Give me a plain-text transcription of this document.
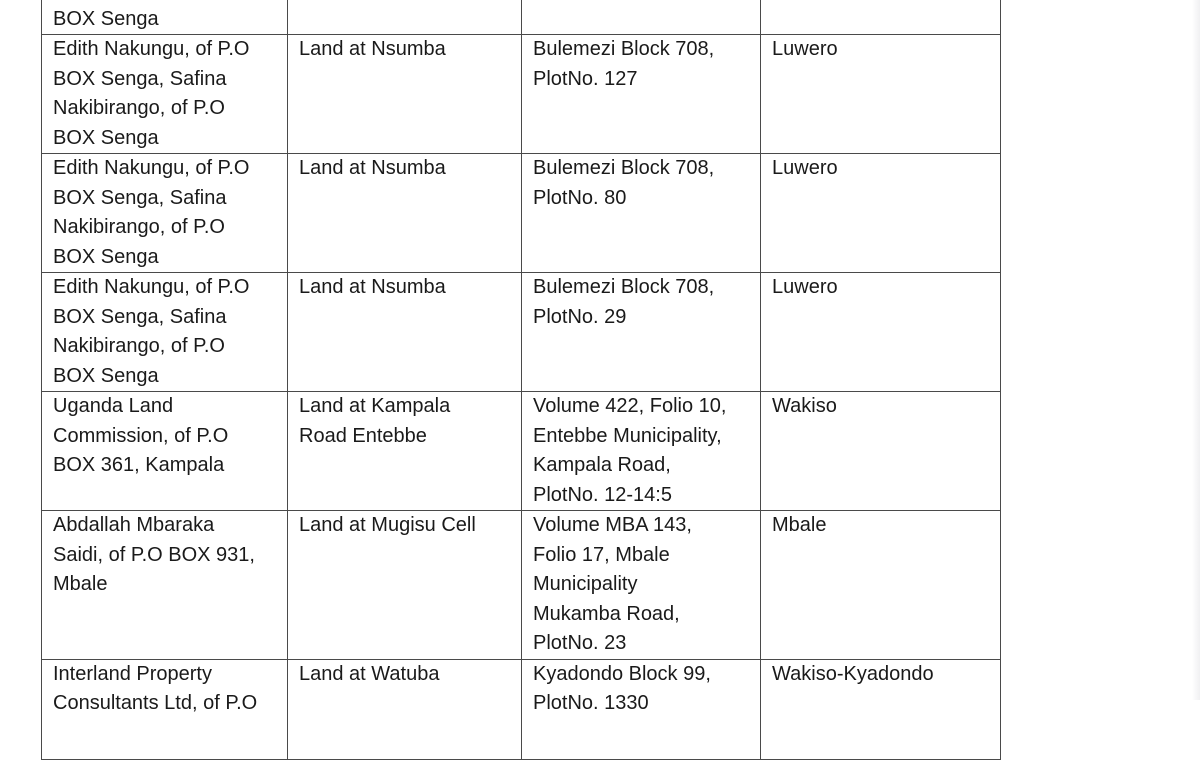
BOX Senga			
Edith Nakungu, of P.O
BOX Senga, Safina
Nakibirango, of P.O
BOX Senga	Land at Nsumba	Bulemezi Block 708,
PlotNo. 127	Luwero
Edith Nakungu, of P.O
BOX Senga, Safina
Nakibirango, of P.O
BOX Senga	Land at Nsumba	Bulemezi Block 708,
PlotNo. 80	Luwero
Edith Nakungu, of P.O
BOX Senga, Safina
Nakibirango, of P.O
BOX Senga	Land at Nsumba	Bulemezi Block 708,
PlotNo. 29	Luwero
Uganda Land
Commission, of P.O
BOX 361, Kampala	Land at Kampala
Road Entebbe	Volume 422, Folio 10,
Entebbe Municipality,
Kampala Road,
PlotNo. 12-14:5	Wakiso
Abdallah Mbaraka
Saidi, of P.O BOX 931,
Mbale	Land at Mugisu Cell	Volume MBA 143,
Folio 17, Mbale
Municipality
Mukamba Road,
PlotNo. 23	Mbale
Interland Property
Consultants Ltd, of P.O	Land at Watuba	Kyadondo Block 99,
PlotNo. 1330	Wakiso-Kyadondo
